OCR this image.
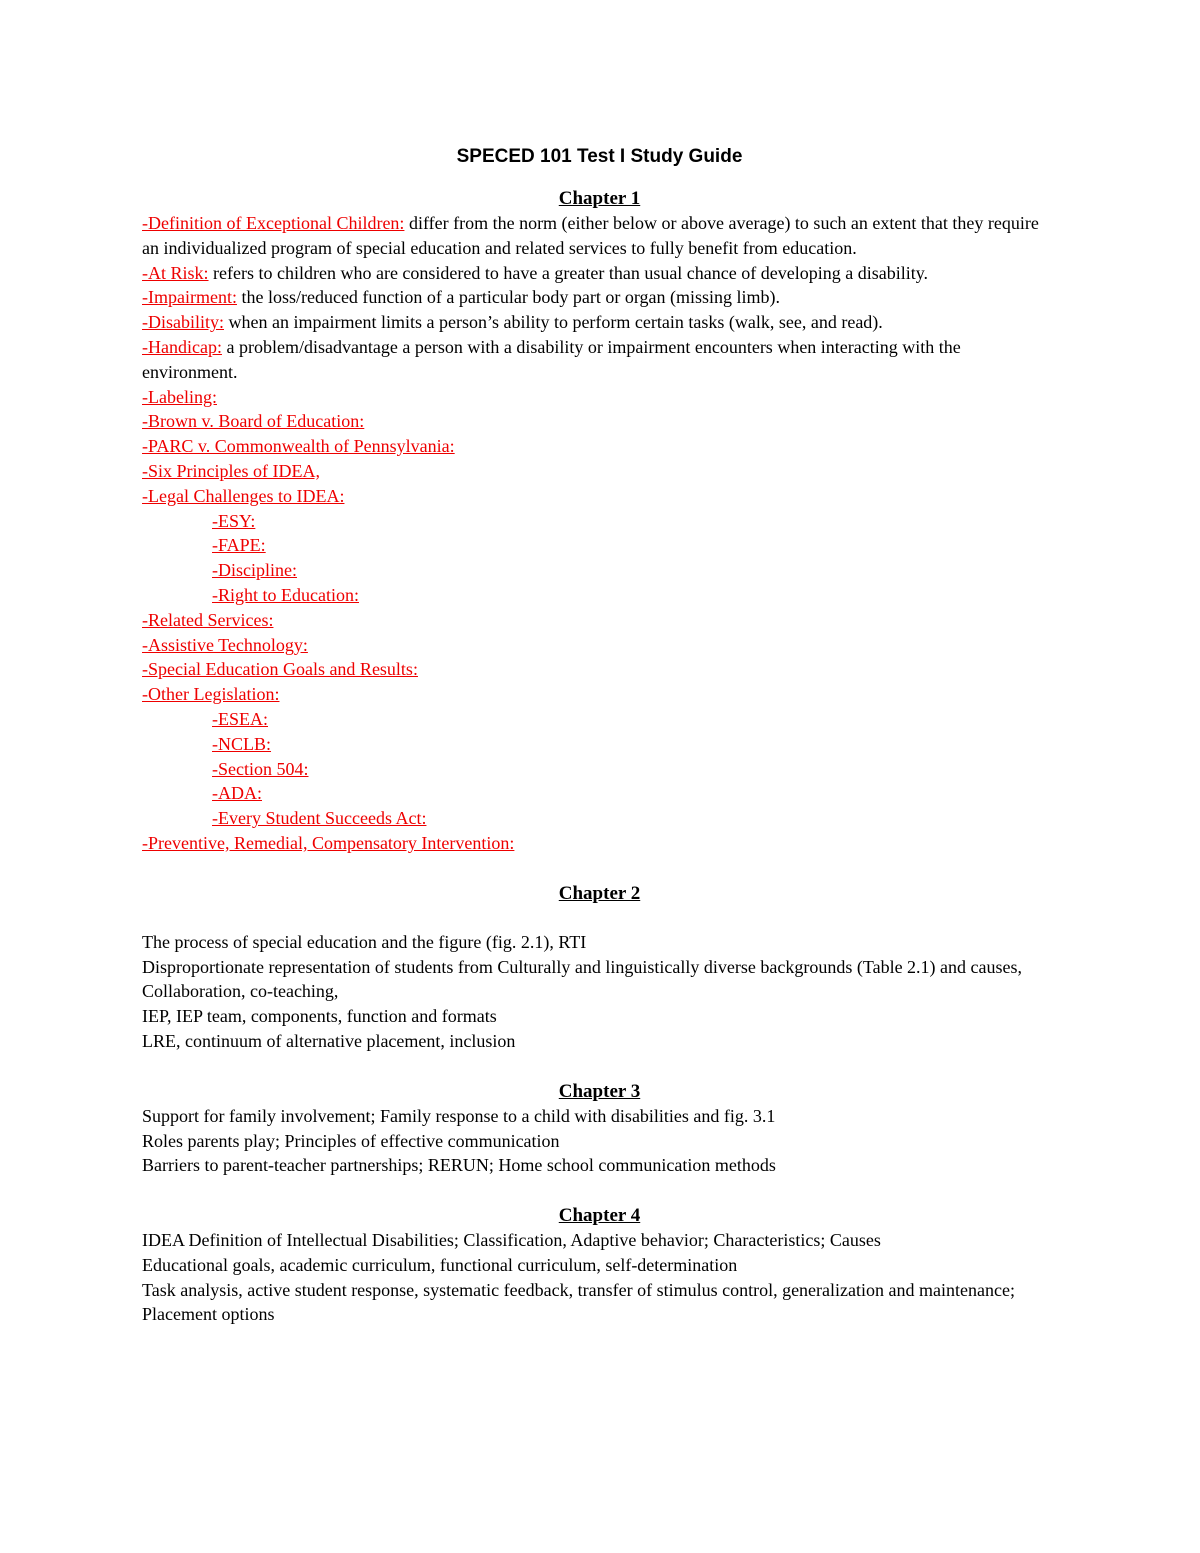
SPECED 101 Test I Study Guide
Chapter 1

-Definition of Exceptional Children: differ from the norm (either below or above average) to such an extent that they require an individualized program of special education and related services to fully benefit from education.

-At Risk: refers to children who are considered to have a greater than usual chance of developing a disability.

-Impairment: the loss/reduced function of a particular body part or organ (missing limb).

-Disability: when an impairment limits a person’s ability to perform certain tasks (walk, see, and read).

-Handicap: a problem/disadvantage a person with a disability or impairment encounters when interacting with the environment.

-Labeling:

-Brown v. Board of Education:

-PARC v. Commonwealth of Pennsylvania:

-Six Principles of IDEA,

-Legal Challenges to IDEA:

-ESY:

-FAPE:

-Discipline:

-Right to Education:

-Related Services:

-Assistive Technology:

-Special Education Goals and Results:

-Other Legislation:

-ESEA:

-NCLB:

-Section 504:

-ADA:

-Every Student Succeeds Act:

-Preventive, Remedial, Compensatory Intervention:

Chapter 2

The process of special education and the figure (fig. 2.1), RTI

Disproportionate representation of students from Culturally and linguistically diverse backgrounds (Table 2.1) and causes, Collaboration, co-teaching,

IEP, IEP team, components, function and formats

LRE, continuum of alternative placement, inclusion

Chapter 3

Support for family involvement; Family response to a child with disabilities and fig. 3.1

Roles parents play; Principles of effective communication

Barriers to parent-teacher partnerships; RERUN; Home school communication methods

Chapter 4

IDEA Definition of Intellectual Disabilities; Classification, Adaptive behavior; Characteristics; Causes

Educational goals, academic curriculum, functional curriculum, self-determination

Task analysis, active student response, systematic feedback, transfer of stimulus control, generalization and maintenance; Placement options
